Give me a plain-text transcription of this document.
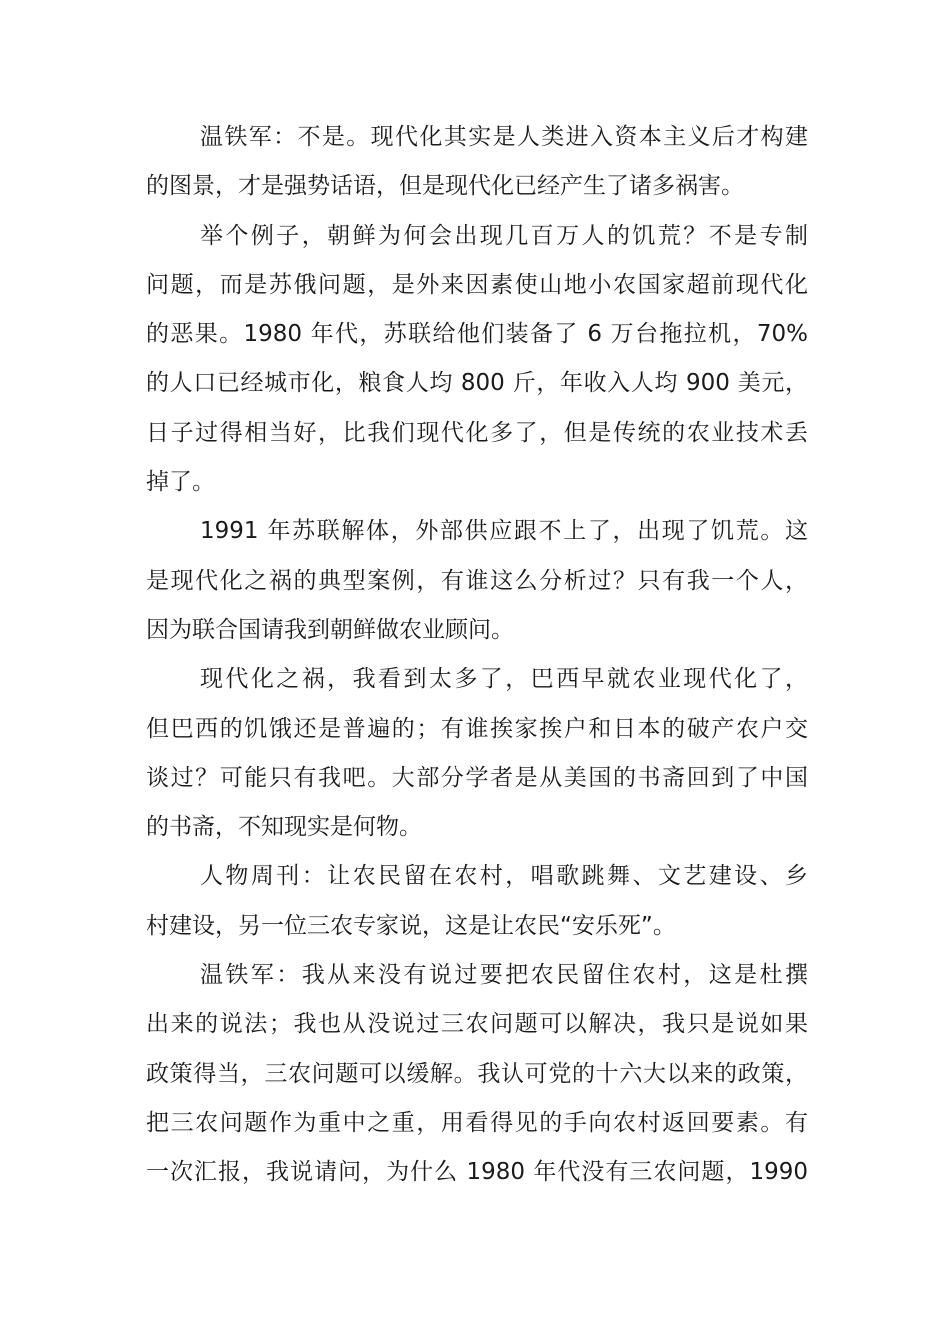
温铁军：不是。现代化其实是人类进入资本主义后才构建
的图景，才是强势话语，但是现代化已经产生了诸多祸害。
举个例子，朝鲜为何会出现几百万人的饥荒？不是专制
问题，而是苏俄问题，是外来因素使山地小农国家超前现代化
的恶果。1980 年代，苏联给他们装备了 6 万台拖拉机，70%
的人口已经城市化，粮食人均 800 斤，年收入人均 900 美元，
日子过得相当好，比我们现代化多了，但是传统的农业技术丢
掉了。
1991 年苏联解体，外部供应跟不上了，出现了饥荒。这
是现代化之祸的典型案例，有谁这么分析过？只有我一个人，
因为联合国请我到朝鲜做农业顾问。
现代化之祸，我看到太多了，巴西早就农业现代化了，
但巴西的饥饿还是普遍的；有谁挨家挨户和日本的破产农户交
谈过？可能只有我吧。大部分学者是从美国的书斋回到了中国
的书斋，不知现实是何物。
人物周刊：让农民留在农村，唱歌跳舞、文艺建设、乡
村建设，另一位三农专家说，这是让农民“安乐死”。
温铁军：我从来没有说过要把农民留住农村，这是杜撰
出来的说法；我也从没说过三农问题可以解决，我只是说如果
政策得当，三农问题可以缓解。我认可党的十六大以来的政策，
把三农问题作为重中之重，用看得见的手向农村返回要素。有
一次汇报，我说请问，为什么 1980 年代没有三农问题，1990
